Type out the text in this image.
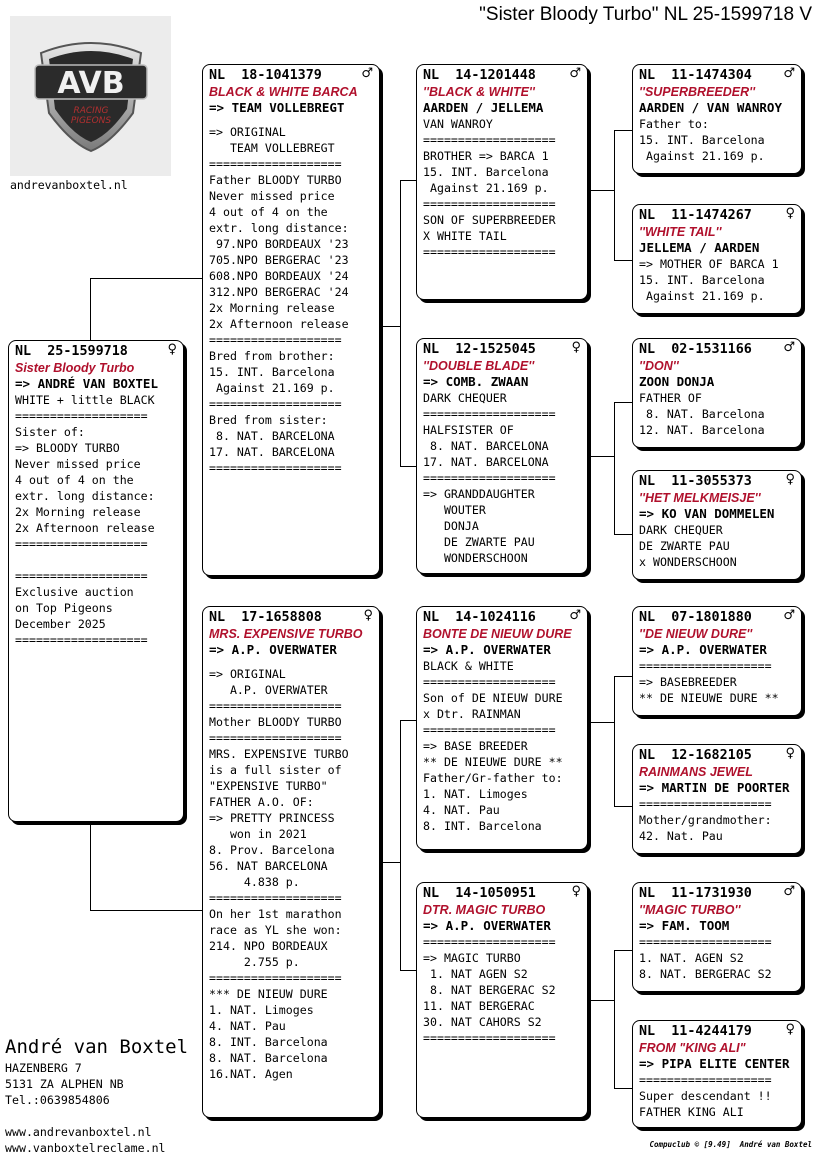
"Sister Bloody Turbo" NL 25-1599718 V
AVB
RACING
PIGEONS
andrevanboxtel.nl
NL  25-1599718	♀
Sister Bloody Turbo
=> ANDRÉ VAN BOXTEL
WHITE + little BLACK
===================
Sister of:
=> BLOODY TURBO
Never missed price
4 out of 4 on the
extr. long distance:
2x Morning release
2x Afternoon release
===================
===================
Exclusive auction
on Top Pigeons
December 2025
===================
NL  18-1041379	♂
BLACK & WHITE BARCA
=> TEAM VOLLEBREGT
=> ORIGINAL
TEAM VOLLEBREGT
===================
Father BLOODY TURBO
Never missed price
4 out of 4 on the
extr. long distance:
97.NPO BORDEAUX '23
705.NPO BERGERAC '23
608.NPO BORDEAUX '24
312.NPO BERGERAC '24
2x Morning release
2x Afternoon release
===================
Bred from brother:
15. INT. Barcelona
Against 21.169 p.
===================
Bred from sister:
8. NAT. BARCELONA
17. NAT. BARCELONA
===================
NL  17-1658808	♀
MRS. EXPENSIVE TURBO
=> A.P. OVERWATER
=> ORIGINAL
A.P. OVERWATER
===================
Mother BLOODY TURBO
===================
MRS. EXPENSIVE TURBO
is a full sister of
"EXPENSIVE TURBO"
FATHER A.O. OF:
=> PRETTY PRINCESS
won in 2021
8. Prov. Barcelona
56. NAT BARCELONA
4.838 p.
===================
On her 1st marathon
race as YL she won:
214. NPO BORDEAUX
2.755 p.
===================
*** DE NIEUW DURE
1. NAT. Limoges
4. NAT. Pau
8. INT. Barcelona
8. NAT. Barcelona
16.NAT. Agen
NL  14-1201448	♂
''BLACK & WHITE''
AARDEN / JELLEMA
VAN WANROY
===================
BROTHER => BARCA 1
15. INT. Barcelona
Against 21.169 p.
===================
SON OF SUPERBREEDER
X WHITE TAIL
===================
NL  12-1525045	♀
''DOUBLE BLADE''
=> COMB. ZWAAN
DARK CHEQUER
===================
HALFSISTER OF
8. NAT. BARCELONA
17. NAT. BARCELONA
===================
=> GRANDDAUGHTER
WOUTER
DONJA
DE ZWARTE PAU
WONDERSCHOON
NL  14-1024116	♂
BONTE DE NIEUW DURE
=> A.P. OVERWATER
BLACK & WHITE
===================
Son of DE NIEUW DURE
x Dtr. RAINMAN
===================
=> BASE BREEDER
** DE NIEUWE DURE **
Father/Gr-father to:
1. NAT. Limoges
4. NAT. Pau
8. INT. Barcelona
NL  14-1050951	♀
DTR. MAGIC TURBO
=> A.P. OVERWATER
===================
=> MAGIC TURBO
1. NAT AGEN S2
8. NAT BERGERAC S2
11. NAT BERGERAC
30. NAT CAHORS S2
===================
NL  11-1474304 ♂
''SUPERBREEDER''
AARDEN / VAN WANROY
Father to:
15. INT. Barcelona
Against 21.169 p.
NL  11-1474267	♀
''WHITE TAIL''
JELLEMA / AARDEN
=> MOTHER OF BARCA 1
15. INT. Barcelona
Against 21.169 p.
NL  02-1531166 ♂
''DON''
ZOON DONJA
FATHER OF
8. NAT. Barcelona
12. NAT. Barcelona
NL  11-3055373	♀
''HET MELKMEISJE''
=> KO VAN DOMMELEN
DARK CHEQUER
DE ZWARTE PAU
x WONDERSCHOON
NL  07-1801880 ♂
''DE NIEUW DURE''
=> A.P. OVERWATER
===================
=> BASEBREEDER
** DE NIEUWE DURE **
NL  12-1682105	♀
RAINMANS JEWEL
=> MARTIN DE POORTER
===================
Mother/grandmother:
42. Nat. Pau
NL  11-1731930 ♂
''MAGIC TURBO''
=> FAM. TOOM
===================
1. NAT. AGEN S2
8. NAT. BERGERAC S2
NL  11-4244179	♀
FROM "KING ALI"
=> PIPA ELITE CENTER
===================
Super descendant !!
FATHER KING ALI
André van Boxtel
HAZENBERG 7
5131 ZA ALPHEN NB
Tel.:0639854806
www.andrevanboxtel.nl
www.vanboxtelreclame.nl	Compuclub © [9.49]  André van Boxtel
